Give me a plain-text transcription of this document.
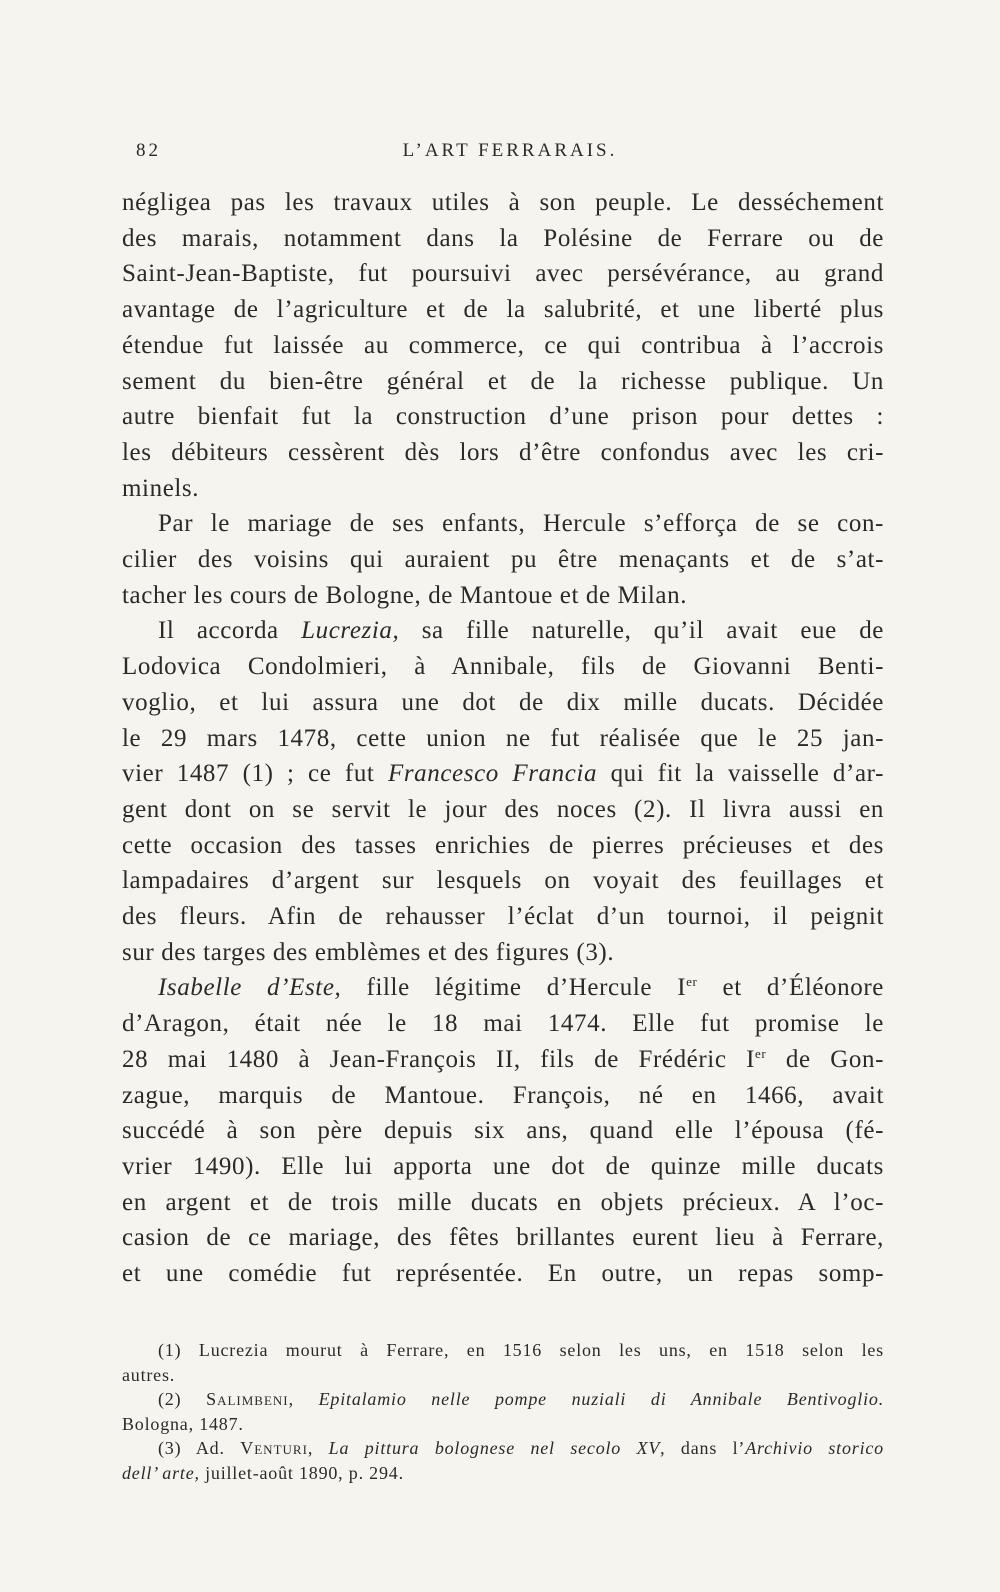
82	L’ART FERRARAIS.
négligea pas les travaux utiles à son peuple. Le desséchement
des marais, notamment dans la Polésine de Ferrare ou de
Saint-Jean-Baptiste, fut poursuivi avec persévérance, au grand
avantage de l’agriculture et de la salubrité, et une liberté plus
étendue fut laissée au commerce, ce qui contribua à l’accrois
sement du bien-être général et de la richesse publique. Un
autre bienfait fut la construction d’une prison pour dettes :
les débiteurs cessèrent dès lors d’être confondus avec les cri-
minels.
Par le mariage de ses enfants, Hercule s’efforça de se con-
cilier des voisins qui auraient pu être menaçants et de s’at-
tacher les cours de Bologne, de Mantoue et de Milan.
Il accorda Lucrezia, sa fille naturelle, qu’il avait eue de
Lodovica Condolmieri, à Annibale, fils de Giovanni Benti-
voglio, et lui assura une dot de dix mille ducats. Décidée
le 29 mars 1478, cette union ne fut réalisée que le 25 jan-
vier 1487 (1) ; ce fut Francesco Francia qui fit la vaisselle d’ar-
gent dont on se servit le jour des noces (2). Il livra aussi en
cette occasion des tasses enrichies de pierres précieuses et des
lampadaires d’argent sur lesquels on voyait des feuillages et
des fleurs. Afin de rehausser l’éclat d’un tournoi, il peignit
sur des targes des emblèmes et des figures (3).
Isabelle d’Este, fille légitime d’Hercule Ier et d’Éléonore
d’Aragon, était née le 18 mai 1474. Elle fut promise le
28 mai 1480 à Jean-François II, fils de Frédéric Ier de Gon-
zague, marquis de Mantoue. François, né en 1466, avait
succédé à son père depuis six ans, quand elle l’épousa (fé-
vrier 1490). Elle lui apporta une dot de quinze mille ducats
en argent et de trois mille ducats en objets précieux. A l’oc-
casion de ce mariage, des fêtes brillantes eurent lieu à Ferrare,
et une comédie fut représentée. En outre, un repas somp-
(1) Lucrezia mourut à Ferrare, en 1516 selon les uns, en 1518 selon les
autres.
(2) Salimbeni, Epitalamio nelle pompe nuziali di Annibale Bentivoglio.
Bologna, 1487.
(3) Ad. Venturi, La pittura bolognese nel secolo XV, dans l’Archivio storico
dell’ arte, juillet-août 1890, p. 294.
